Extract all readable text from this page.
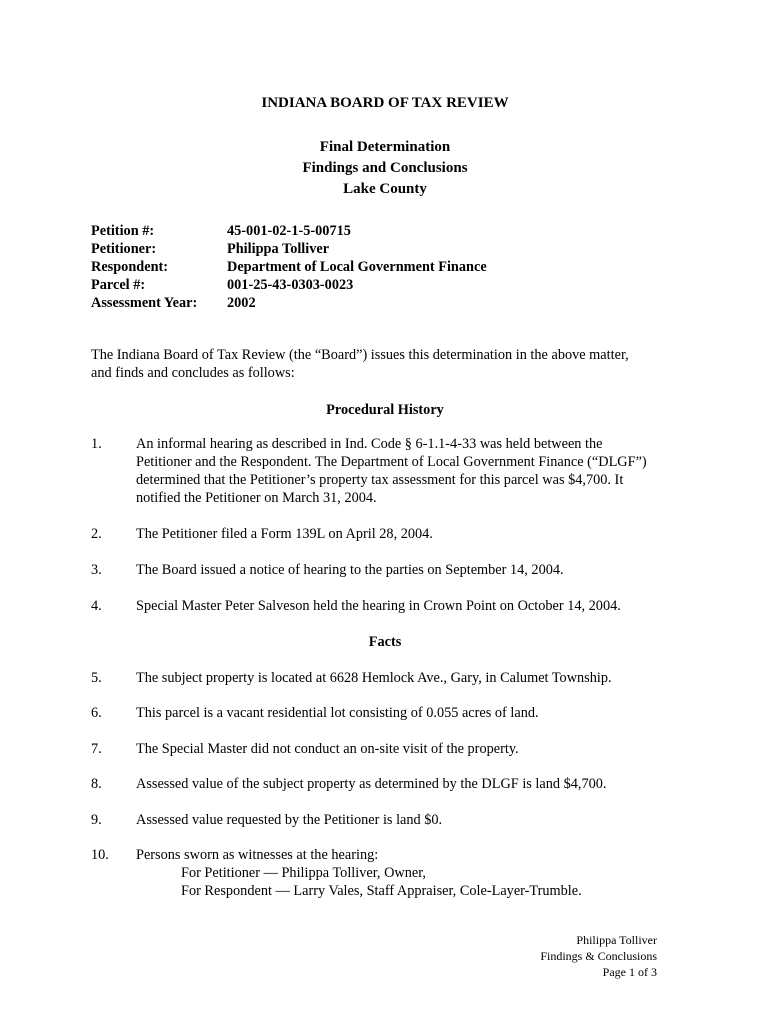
INDIANA BOARD OF TAX REVIEW
Final Determination
Findings and Conclusions
Lake County
Petition #:	45-001-02-1-5-00715
Petitioner:	Philippa Tolliver
Respondent:	Department of Local Government Finance
Parcel #:	001-25-43-0303-0023
Assessment Year:	2002
The Indiana Board of Tax Review (the “Board”) issues this determination in the above matter,
and finds and concludes as follows:
Procedural History
1.	An informal hearing as described in Ind. Code § 6-1.1-4-33 was held between the
Petitioner and the Respondent. The Department of Local Government Finance (“DLGF”)
determined that the Petitioner’s property tax assessment for this parcel was $4,700. It
notified the Petitioner on March 31, 2004.
2.	The Petitioner filed a Form 139L on April 28, 2004.
3.	The Board issued a notice of hearing to the parties on September 14, 2004.
4.	Special Master Peter Salveson held the hearing in Crown Point on October 14, 2004.
Facts
5.	The subject property is located at 6628 Hemlock Ave., Gary, in Calumet Township.
6.	This parcel is a vacant residential lot consisting of 0.055 acres of land.
7.	The Special Master did not conduct an on-site visit of the property.
8.	Assessed value of the subject property as determined by the DLGF is land $4,700.
9.	Assessed value requested by the Petitioner is land $0.
10.	Persons sworn as witnesses at the hearing:
For Petitioner — Philippa Tolliver, Owner,
For Respondent — Larry Vales, Staff Appraiser, Cole-Layer-Trumble.
Philippa Tolliver
Findings & Conclusions
Page 1 of 3
